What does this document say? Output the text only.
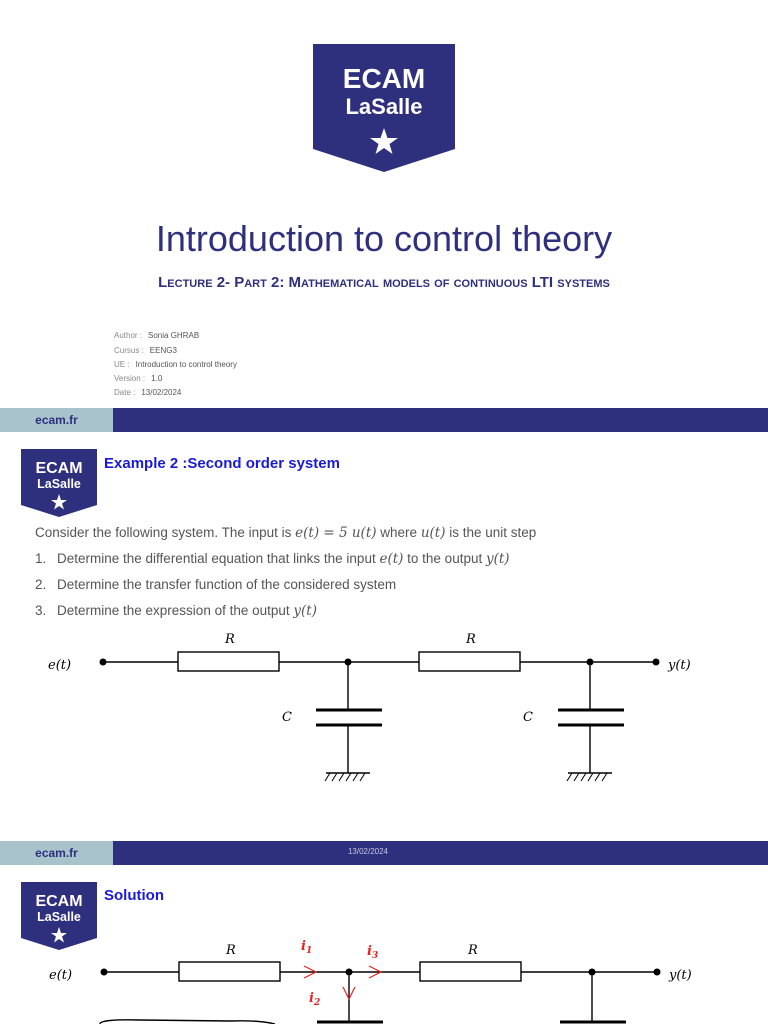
ECAM
LaSalle
Introduction to control theory
Lecture 2- Part 2: Mathematical models of continuous LTI systems
Author : Sonia GHRAB
Cursus : EENG3
UE : Introduction to control theory
Version : 1.0
Date : 13/02/2024
ecam.fr
ECAM
LaSalle
Example 2 :Second order system
Consider the following system. The input is e(t) = 5 u(t) where u(t) is the unit step
1. Determine the differential equation that links the input e(t) to the output y(t)
2. Determine the transfer function of the considered system
3. Determine the expression of the output y(t)
e(t)	y(t)
R	R
C	C
ecam.fr	13/02/2024
ECAM
LaSalle
Solution
$i_1$	$i_3$
$i_2$
e(t)	y(t)
R	R
